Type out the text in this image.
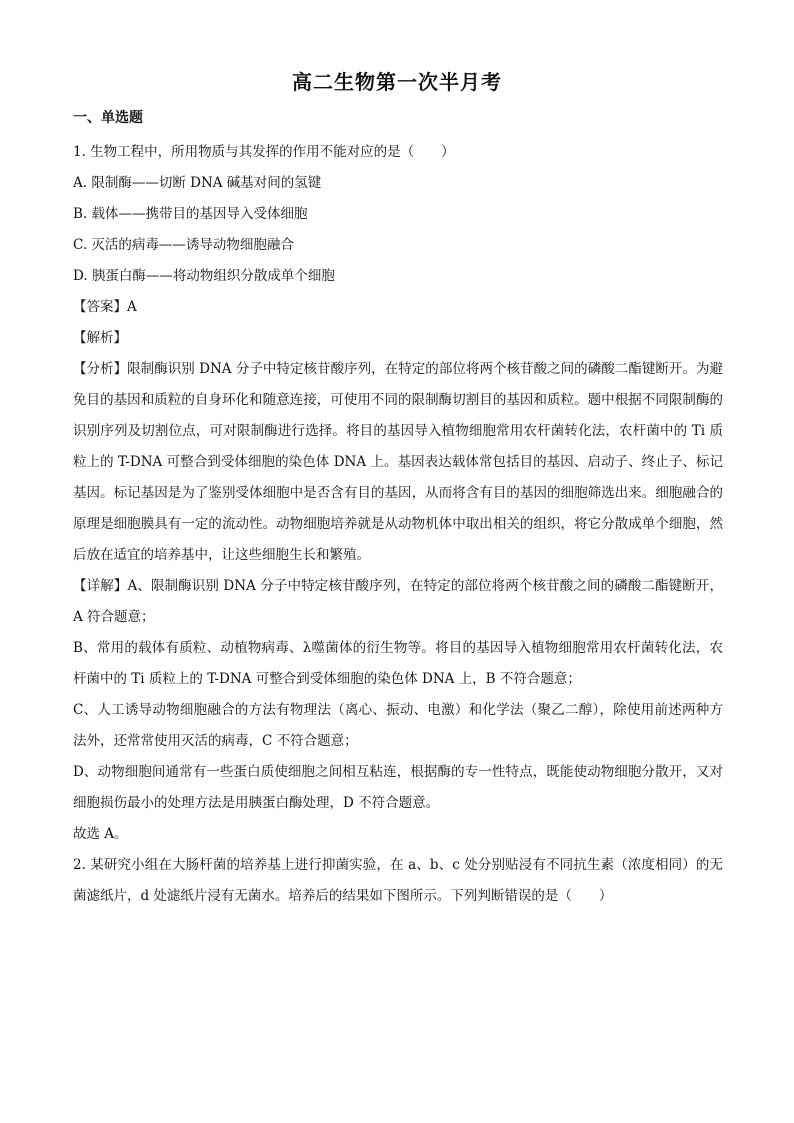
高二生物第一次半月考
一、单选题

1. 生物工程中，所用物质与其发挥的作用不能对应的是（　　）

A. 限制酶——切断 DNA 碱基对间的氢键

B. 载体——携带目的基因导入受体细胞

C. 灭活的病毒——诱导动物细胞融合

D. 胰蛋白酶——将动物组织分散成单个细胞

【答案】A

【解析】

【分析】限制酶识别 DNA 分子中特定核苷酸序列，在特定的部位将两个核苷酸之间的磷酸二酯键断开。为避免目的基因和质粒的自身环化和随意连接，可使用不同的限制酶切割目的基因和质粒。题中根据不同限制酶的识别序列及切割位点，可对限制酶进行选择。将目的基因导入植物细胞常用农杆菌转化法，农杆菌中的 Ti 质粒上的 T-DNA 可整合到受体细胞的染色体 DNA 上。基因表达载体常包括目的基因、启动子、终止子、标记基因。标记基因是为了鉴别受体细胞中是否含有目的基因，从而将含有目的基因的细胞筛选出来。细胞融合的原理是细胞膜具有一定的流动性。动物细胞培养就是从动物机体中取出相关的组织，将它分散成单个细胞，然后放在适宜的培养基中，让这些细胞生长和繁殖。

【详解】A、限制酶识别 DNA 分子中特定核苷酸序列，在特定的部位将两个核苷酸之间的磷酸二酯键断开，A 符合题意；

B、常用的载体有质粒、动植物病毒、λ噬菌体的衍生物等。将目的基因导入植物细胞常用农杆菌转化法，农杆菌中的 Ti 质粒上的 T-DNA 可整合到受体细胞的染色体 DNA 上，B 不符合题意；

C、人工诱导动物细胞融合的方法有物理法（离心、振动、电激）和化学法（聚乙二醇），除使用前述两种方法外，还常常使用灭活的病毒，C 不符合题意；

D、动物细胞间通常有一些蛋白质使细胞之间相互粘连，根据酶的专一性特点，既能使动物细胞分散开，又对细胞损伤最小的处理方法是用胰蛋白酶处理，D 不符合题意。

故选 A。

2. 某研究小组在大肠杆菌的培养基上进行抑菌实验，在 a、b、c 处分别贴浸有不同抗生素（浓度相同）的无菌滤纸片，d 处滤纸片浸有无菌水。培养后的结果如下图所示。下列判断错误的是（　　）
